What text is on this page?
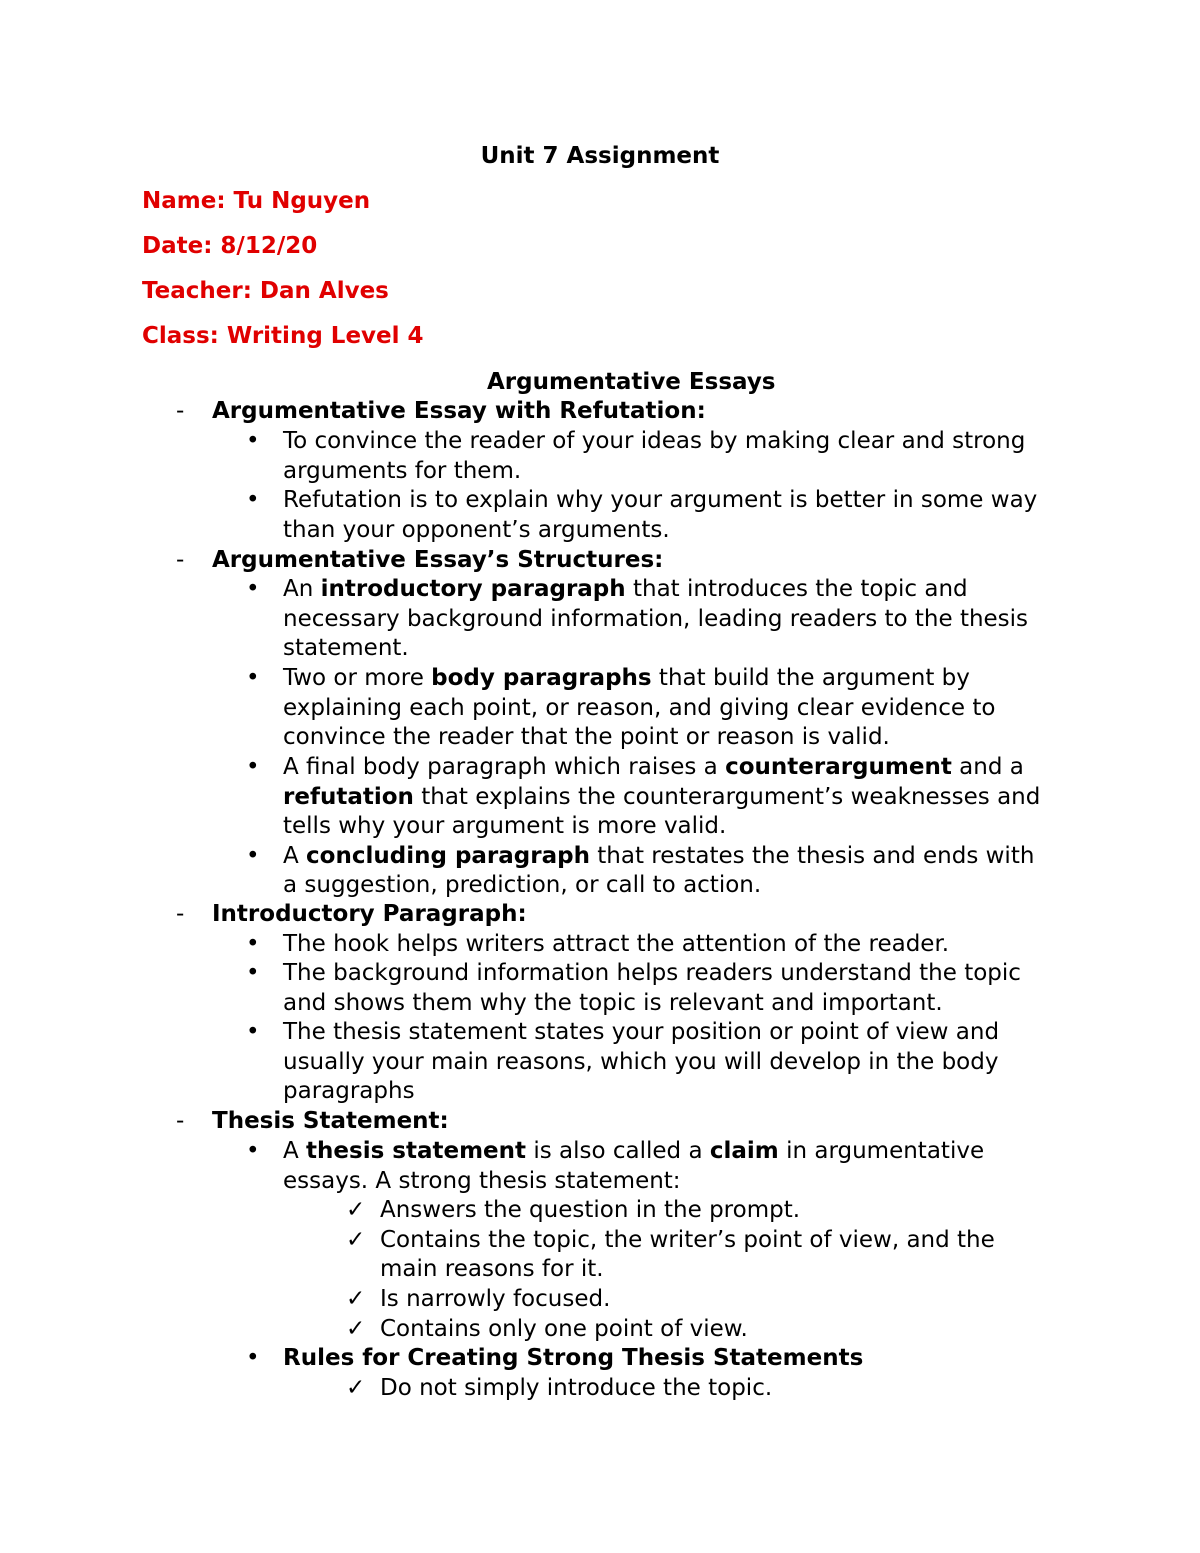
Unit 7 Assignment
Name: Tu Nguyen
Date: 8/12/20
Teacher: Dan Alves
Class: Writing Level 4
Argumentative Essays
- Argumentative Essay with Refutation:
• To convince the reader of your ideas by making clear and strong
arguments for them.
• Refutation is to explain why your argument is better in some way
than your opponent’s arguments.
- Argumentative Essay’s Structures:
• An introductory paragraph that introduces the topic and
necessary background information, leading readers to the thesis
statement.
• Two or more body paragraphs that build the argument by
explaining each point, or reason, and giving clear evidence to
convince the reader that the point or reason is valid.
• A final body paragraph which raises a counterargument and a
refutation that explains the counterargument’s weaknesses and
tells why your argument is more valid.
• A concluding paragraph that restates the thesis and ends with
a suggestion, prediction, or call to action.
- Introductory Paragraph:
• The hook helps writers attract the attention of the reader.
• The background information helps readers understand the topic
and shows them why the topic is relevant and important.
• The thesis statement states your position or point of view and
usually your main reasons, which you will develop in the body
paragraphs
- Thesis Statement:
• A thesis statement is also called a claim in argumentative
essays. A strong thesis statement:
✓ Answers the question in the prompt.
✓ Contains the topic, the writer’s point of view, and the
main reasons for it.
✓ Is narrowly focused.
✓ Contains only one point of view.
• Rules for Creating Strong Thesis Statements
✓ Do not simply introduce the topic.
